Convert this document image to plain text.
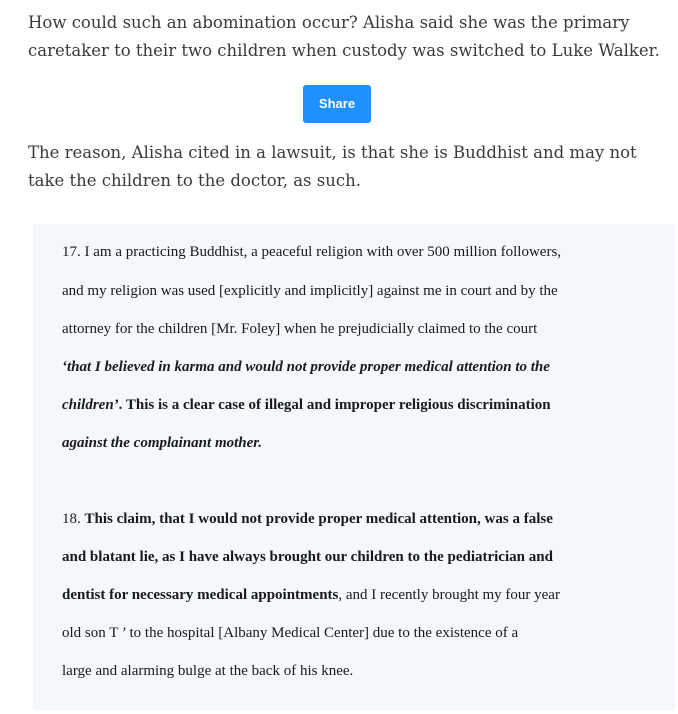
How could such an abomination occur? Alisha said she was the primary caretaker to their two children when custody was switched to Luke Walker.

Share

The reason, Alisha cited in a lawsuit, is that she is Buddhist and may not take the children to the doctor, as such.

17. I am a practicing Buddhist, a peaceful religion with over 500 million followers,

and my religion was used [explicitly and implicitly] against me in court and by the

attorney for the children [Mr. Foley] when he prejudicially claimed to the court

‘that I believed in karma and would not provide proper medical attention to the

children’. This is a clear case of illegal and improper religious discrimination

against the complainant mother.

18. This claim, that I would not provide proper medical attention, was a false

and blatant lie, as I have always brought our children to the pediatrician and

dentist for necessary medical appointments, and I recently brought my four year

old son T ’ to the hospital [Albany Medical Center] due to the existence of a

large and alarming bulge at the back of his knee.
